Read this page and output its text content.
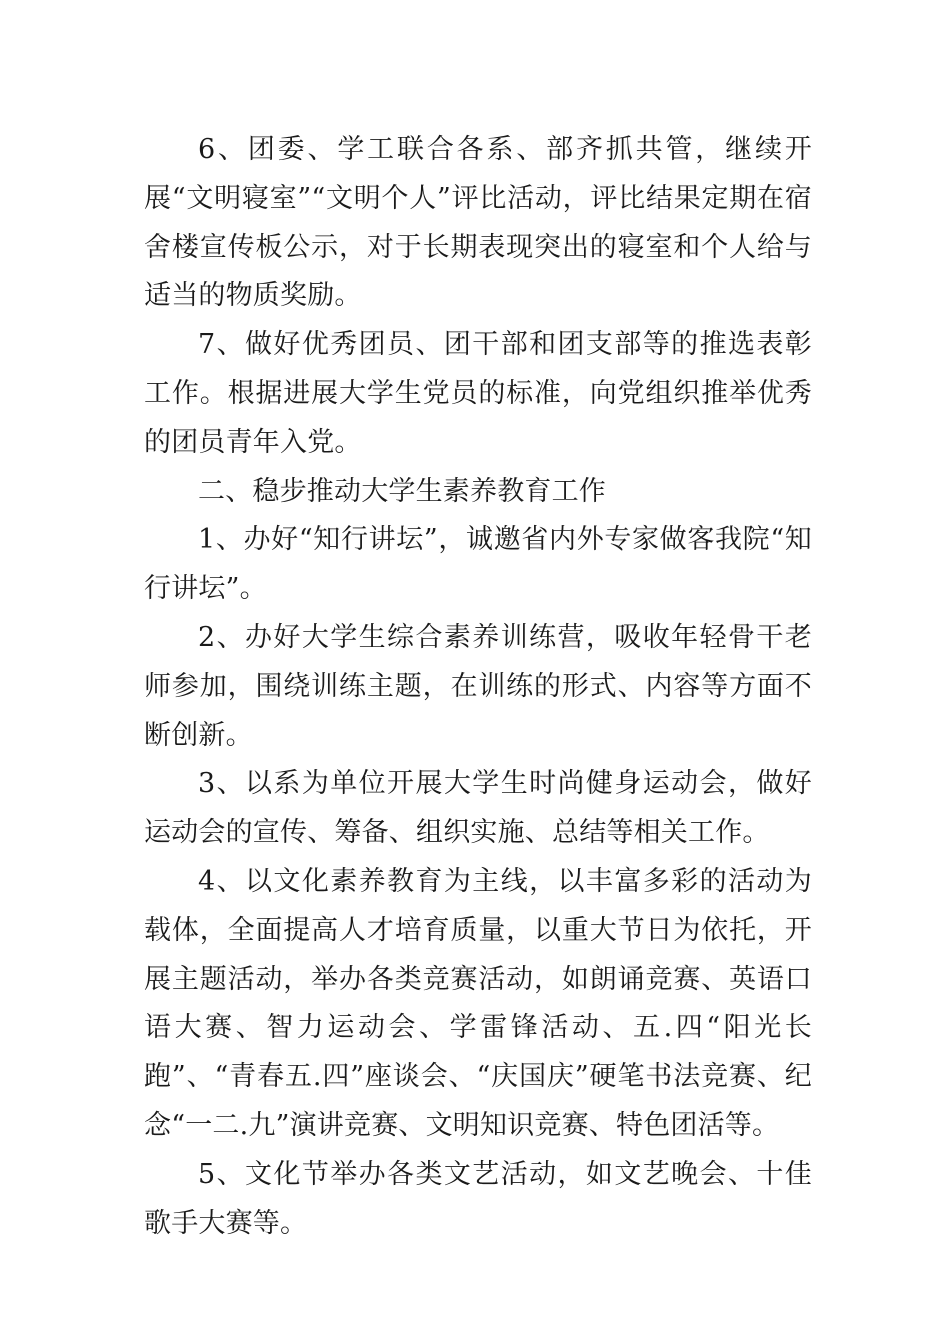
6、团委、学工联合各系、部齐抓共管，继续开展“文明寝室”“文明个人”评比活动，评比结果定期在宿舍楼宣传板公示，对于长期表现突出的寝室和个人给与适当的物质奖励。

7、做好优秀团员、团干部和团支部等的推选表彰工作。根据进展大学生党员的标准，向党组织推举优秀的团员青年入党。

二、稳步推动大学生素养教育工作

1、办好“知行讲坛”，诚邀省内外专家做客我院“知行讲坛”。

2、办好大学生综合素养训练营，吸收年轻骨干老师参加，围绕训练主题，在训练的形式、内容等方面不断创新。

3、以系为单位开展大学生时尚健身运动会，做好运动会的宣传、筹备、组织实施、总结等相关工作。

4、以文化素养教育为主线，以丰富多彩的活动为载体，全面提高人才培育质量，以重大节日为依托，开展主题活动，举办各类竞赛活动，如朗诵竞赛、英语口语大赛、智力运动会、学雷锋活动、五.四“阳光长跑”、“青春五.四”座谈会、“庆国庆”硬笔书法竞赛、纪念“一二.九”演讲竞赛、文明知识竞赛、特色团活等。

5、文化节举办各类文艺活动，如文艺晚会、十佳歌手大赛等。
